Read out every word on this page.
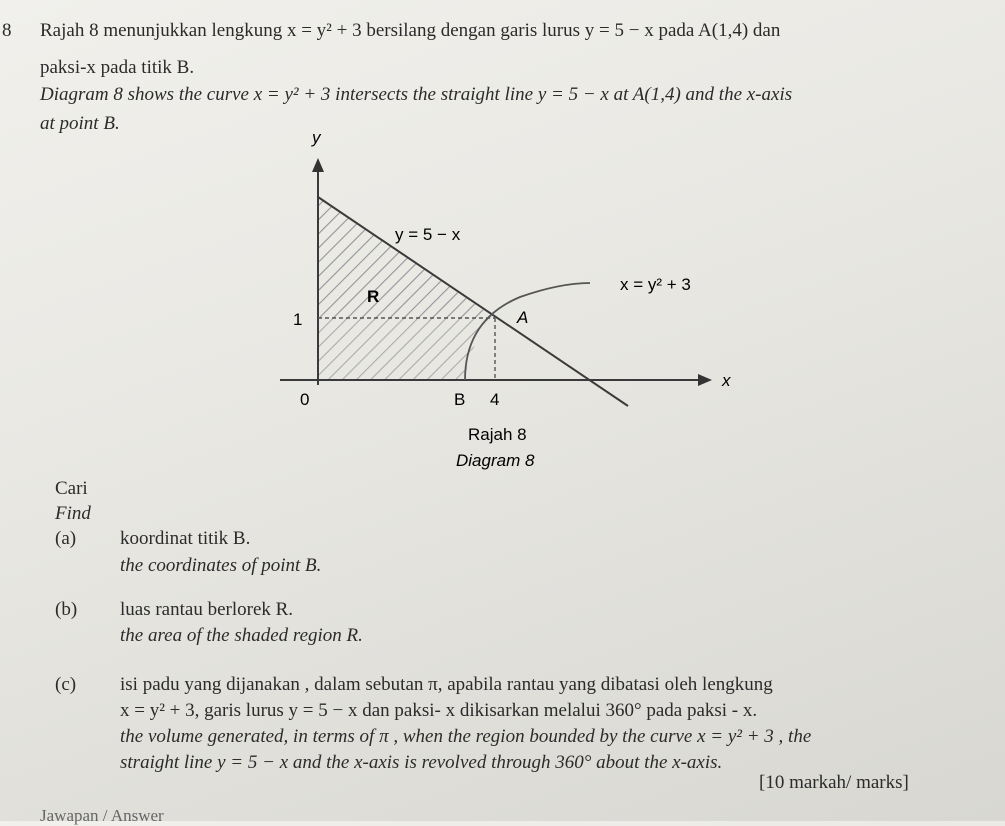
8 Rajah 8 menunjukkan lengkung x = y² + 3 bersilang dengan garis lurus y = 5 − x pada A(1,4) dan
paksi-x pada titik B.
Diagram 8 shows the curve x = y² + 3 intersects the straight line y = 5 − x at A(1,4) and the x-axis
at point B.
y
x
0
y = 5 − x
x = y² + 3
R
A
B
1
4
Rajah 8
Diagram 8
Cari
Find
(a) koordinat titik B.
the coordinates of point B.
(b) luas rantau berlorek R.
the area of the shaded region R.
(c) isi padu yang dijanakan , dalam sebutan π, apabila rantau yang dibatasi oleh lengkung
x = y² + 3, garis lurus y = 5 − x dan paksi- x dikisarkan melalui 360° pada paksi - x.
the volume generated, in terms of π , when the region bounded by the curve x = y² + 3 , the
straight line y = 5 − x and the x-axis is revolved through 360° about the x-axis.
[10 markah/ marks]
Jawapan / Answer
